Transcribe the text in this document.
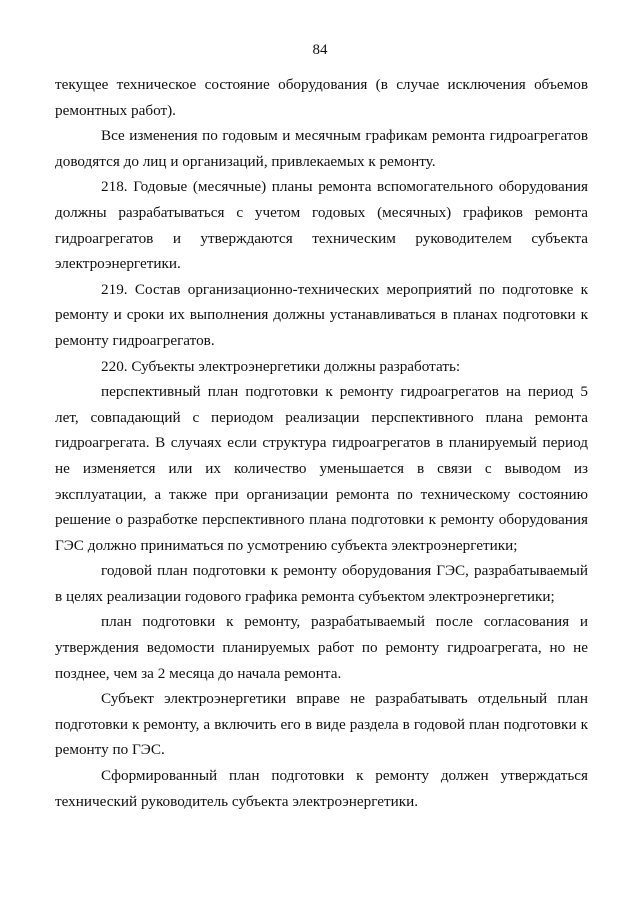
84

текущее техническое состояние оборудования (в случае исключения объемов ремонтных работ).

Все изменения по годовым и месячным графикам ремонта гидроагрегатов доводятся до лиц и организаций, привлекаемых к ремонту.

218. Годовые (месячные) планы ремонта вспомогательного оборудования должны разрабатываться с учетом годовых (месячных) графиков ремонта гидроагрегатов и утверждаются техническим руководителем субъекта электроэнергетики.

219. Состав организационно-технических мероприятий по подготовке к ремонту и сроки их выполнения должны устанавливаться в планах подготовки к ремонту гидроагрегатов.

220. Субъекты электроэнергетики должны разработать:

перспективный план подготовки к ремонту гидроагрегатов на период 5 лет, совпадающий с периодом реализации перспективного плана ремонта гидроагрегата. В случаях если структура гидроагрегатов в планируемый период не изменяется или их количество уменьшается в связи с выводом из эксплуатации, а также при организации ремонта по техническому состоянию решение о разработке перспективного плана подготовки к ремонту оборудования ГЭС должно приниматься по усмотрению субъекта электроэнергетики;

годовой план подготовки к ремонту оборудования ГЭС, разрабатываемый в целях реализации годового графика ремонта субъектом электроэнергетики;

план подготовки к ремонту, разрабатываемый после согласования и утверждения ведомости планируемых работ по ремонту гидроагрегата, но не позднее, чем за 2 месяца до начала ремонта.

Субъект электроэнергетики вправе не разрабатывать отдельный план подготовки к ремонту, а включить его в виде раздела в годовой план подготовки к ремонту по ГЭС.

Сформированный план подготовки к ремонту должен утверждаться технический руководитель субъекта электроэнергетики.
